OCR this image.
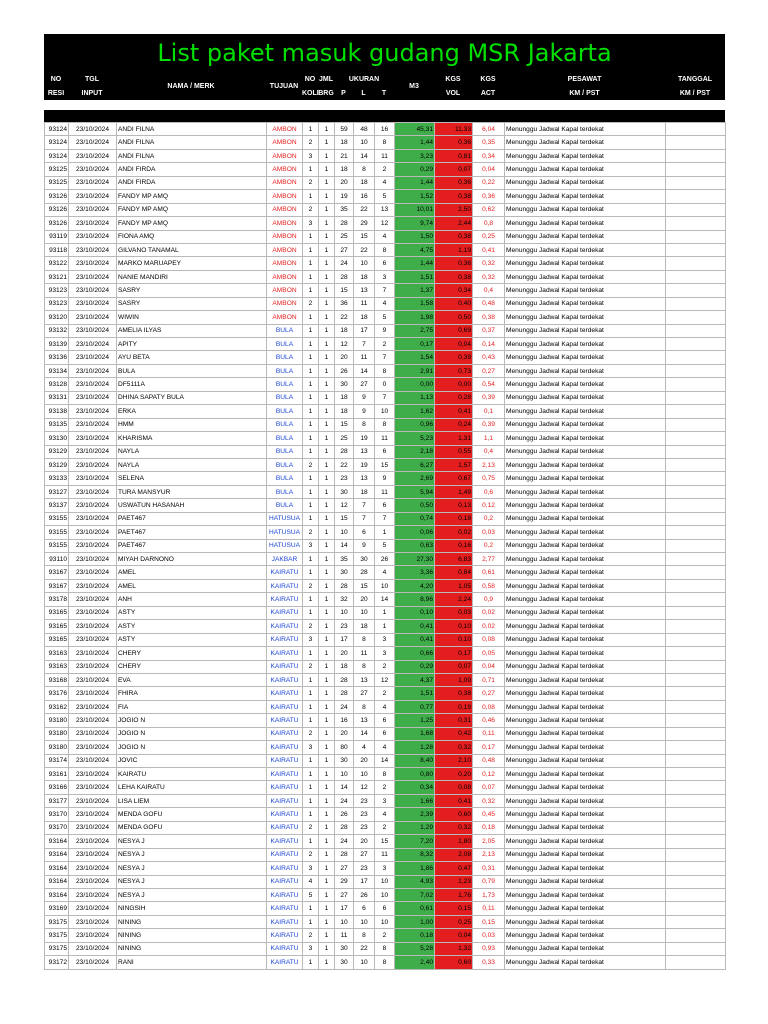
List paket masuk gudang MSR Jakarta
NO	TGL	NAMA / MERK	TUJUAN	NO	JML	UKURAN			M3	KGS	KGS	PESAWAT	TANGGAL
RESI	INPUT			KOLI	BRG	P	L	T		VOL	ACT	KM / PST	KM / PST
93124	23/10/2024	ANDI FILNA	AMBON	1	1	59	48	16	45,31	11,33	6,04	Menunggu Jadwal Kapal terdekat	
93124	23/10/2024	ANDI FILNA	AMBON	2	1	18	10	8	1,44	0,36	0,35	Menunggu Jadwal Kapal terdekat	
93124	23/10/2024	ANDI FILNA	AMBON	3	1	21	14	11	3,23	0,81	0,34	Menunggu Jadwal Kapal terdekat	
93125	23/10/2024	ANDI FIRDA	AMBON	1	1	18	8	2	0,29	0,07	0,04	Menunggu Jadwal Kapal terdekat	
93125	23/10/2024	ANDI FIRDA	AMBON	2	1	20	18	4	1,44	0,36	0,22	Menunggu Jadwal Kapal terdekat	
93126	23/10/2024	FANDY MP AMQ	AMBON	1	1	19	16	5	1,52	0,38	0,36	Menunggu Jadwal Kapal terdekat	
93126	23/10/2024	FANDY MP AMQ	AMBON	2	1	35	22	13	10,01	2,50	0,62	Menunggu Jadwal Kapal terdekat	
93126	23/10/2024	FANDY MP AMQ	AMBON	3	1	28	29	12	9,74	2,44	0,8	Menunggu Jadwal Kapal terdekat	
93119	23/10/2024	FIONA AMQ	AMBON	1	1	25	15	4	1,50	0,38	0,25	Menunggu Jadwal Kapal terdekat	
93118	23/10/2024	GILVANO TANAMAL	AMBON	1	1	27	22	8	4,75	1,19	0,41	Menunggu Jadwal Kapal terdekat	
93122	23/10/2024	MARKO MARUAPEY	AMBON	1	1	24	10	6	1,44	0,36	0,32	Menunggu Jadwal Kapal terdekat	
93121	23/10/2024	NANIE MANDIRI	AMBON	1	1	28	18	3	1,51	0,38	0,32	Menunggu Jadwal Kapal terdekat	
93123	23/10/2024	SASRY	AMBON	1	1	15	13	7	1,37	0,34	0,4	Menunggu Jadwal Kapal terdekat	
93123	23/10/2024	SASRY	AMBON	2	1	36	11	4	1,58	0,40	0,48	Menunggu Jadwal Kapal terdekat	
93120	23/10/2024	WIWIN	AMBON	1	1	22	18	5	1,98	0,50	0,38	Menunggu Jadwal Kapal terdekat	
93132	23/10/2024	AMELIA ILYAS	BULA	1	1	18	17	9	2,75	0,69	0,37	Menunggu Jadwal Kapal terdekat	
93139	23/10/2024	APITY	BULA	1	1	12	7	2	0,17	0,04	0,14	Menunggu Jadwal Kapal terdekat	
93136	23/10/2024	AYU BETA	BULA	1	1	20	11	7	1,54	0,39	0,43	Menunggu Jadwal Kapal terdekat	
93134	23/10/2024	BULA	BULA	1	1	26	14	8	2,91	0,73	0,27	Menunggu Jadwal Kapal terdekat	
93128	23/10/2024	DF5111A	BULA	1	1	30	27	0	0,00	0,00	0,54	Menunggu Jadwal Kapal terdekat	
93131	23/10/2024	DHINA SAPATY BULA	BULA	1	1	18	9	7	1,13	0,28	0,39	Menunggu Jadwal Kapal terdekat	
93138	23/10/2024	ERKA	BULA	1	1	18	9	10	1,62	0,41	0,1	Menunggu Jadwal Kapal terdekat	
93135	23/10/2024	HMM	BULA	1	1	15	8	8	0,96	0,24	0,39	Menunggu Jadwal Kapal terdekat	
93130	23/10/2024	KHARISMA	BULA	1	1	25	19	11	5,23	1,31	1,1	Menunggu Jadwal Kapal terdekat	
93129	23/10/2024	NAYLA	BULA	1	1	28	13	6	2,18	0,55	0,4	Menunggu Jadwal Kapal terdekat	
93129	23/10/2024	NAYLA	BULA	2	1	22	19	15	6,27	1,57	2,13	Menunggu Jadwal Kapal terdekat	
93133	23/10/2024	SELENA	BULA	1	1	23	13	9	2,69	0,67	0,75	Menunggu Jadwal Kapal terdekat	
93127	23/10/2024	TURA MANSYUR	BULA	1	1	30	18	11	5,94	1,49	0,6	Menunggu Jadwal Kapal terdekat	
93137	23/10/2024	USWATUN HASANAH	BULA	1	1	12	7	6	0,50	0,13	0,12	Menunggu Jadwal Kapal terdekat	
93155	23/10/2024	PAET467	HATUSUA	1	1	15	7	7	0,74	0,18	0,2	Menunggu Jadwal Kapal terdekat	
93155	23/10/2024	PAET467	HATUSUA	2	1	10	6	1	0,06	0,02	0,03	Menunggu Jadwal Kapal terdekat	
93155	23/10/2024	PAET467	HATUSUA	3	1	14	9	5	0,63	0,16	0,2	Menunggu Jadwal Kapal terdekat	
93110	23/10/2024	MIYAH DARNONO	JAKBAR	1	1	35	30	26	27,30	6,83	2,77	Menunggu Jadwal Kapal terdekat	
93167	23/10/2024	AMEL	KAIRATU	1	1	30	28	4	3,36	0,84	0,61	Menunggu Jadwal Kapal terdekat	
93167	23/10/2024	AMEL	KAIRATU	2	1	28	15	10	4,20	1,05	0,58	Menunggu Jadwal Kapal terdekat	
93178	23/10/2024	ANH	KAIRATU	1	1	32	20	14	8,96	2,24	0,9	Menunggu Jadwal Kapal terdekat	
93165	23/10/2024	ASTY	KAIRATU	1	1	10	10	1	0,10	0,03	0,02	Menunggu Jadwal Kapal terdekat	
93165	23/10/2024	ASTY	KAIRATU	2	1	23	18	1	0,41	0,10	0,02	Menunggu Jadwal Kapal terdekat	
93165	23/10/2024	ASTY	KAIRATU	3	1	17	8	3	0,41	0,10	0,08	Menunggu Jadwal Kapal terdekat	
93163	23/10/2024	CHERY	KAIRATU	1	1	20	11	3	0,66	0,17	0,05	Menunggu Jadwal Kapal terdekat	
93163	23/10/2024	CHERY	KAIRATU	2	1	18	8	2	0,29	0,07	0,04	Menunggu Jadwal Kapal terdekat	
93168	23/10/2024	EVA	KAIRATU	1	1	28	13	12	4,37	1,09	0,71	Menunggu Jadwal Kapal terdekat	
93176	23/10/2024	FHIRA	KAIRATU	1	1	28	27	2	1,51	0,38	0,27	Menunggu Jadwal Kapal terdekat	
93162	23/10/2024	FIA	KAIRATU	1	1	24	8	4	0,77	0,19	0,08	Menunggu Jadwal Kapal terdekat	
93180	23/10/2024	JOGIO N	KAIRATU	1	1	16	13	6	1,25	0,31	0,46	Menunggu Jadwal Kapal terdekat	
93180	23/10/2024	JOGIO N	KAIRATU	2	1	20	14	6	1,68	0,42	0,11	Menunggu Jadwal Kapal terdekat	
93180	23/10/2024	JOGIO N	KAIRATU	3	1	80	4	4	1,28	0,32	0,17	Menunggu Jadwal Kapal terdekat	
93174	23/10/2024	JOVIC	KAIRATU	1	1	30	20	14	8,40	2,10	0,48	Menunggu Jadwal Kapal terdekat	
93161	23/10/2024	KAIRATU	KAIRATU	1	1	10	10	8	0,80	0,20	0,12	Menunggu Jadwal Kapal terdekat	
93166	23/10/2024	LEHA KAIRATU	KAIRATU	1	1	14	12	2	0,34	0,08	0,07	Menunggu Jadwal Kapal terdekat	
93177	23/10/2024	LISA LIEM	KAIRATU	1	1	24	23	3	1,66	0,41	0,32	Menunggu Jadwal Kapal terdekat	
93170	23/10/2024	MENDA GOFU	KAIRATU	1	1	26	23	4	2,39	0,60	0,45	Menunggu Jadwal Kapal terdekat	
93170	23/10/2024	MENDA GOFU	KAIRATU	2	1	28	23	2	1,29	0,32	0,18	Menunggu Jadwal Kapal terdekat	
93164	23/10/2024	NESYA J	KAIRATU	1	1	24	20	15	7,20	1,80	2,05	Menunggu Jadwal Kapal terdekat	
93164	23/10/2024	NESYA J	KAIRATU	2	1	28	27	11	8,32	2,08	2,13	Menunggu Jadwal Kapal terdekat	
93164	23/10/2024	NESYA J	KAIRATU	3	1	27	23	3	1,86	0,47	0,31	Menunggu Jadwal Kapal terdekat	
93164	23/10/2024	NESYA J	KAIRATU	4	1	29	17	10	4,93	1,23	0,79	Menunggu Jadwal Kapal terdekat	
93164	23/10/2024	NESYA J	KAIRATU	5	1	27	26	10	7,02	1,76	1,73	Menunggu Jadwal Kapal terdekat	
93169	23/10/2024	NINGSIH	KAIRATU	1	1	17	6	6	0,61	0,15	0,11	Menunggu Jadwal Kapal terdekat	
93175	23/10/2024	NINING	KAIRATU	1	1	10	10	10	1,00	0,25	0,15	Menunggu Jadwal Kapal terdekat	
93175	23/10/2024	NINING	KAIRATU	2	1	11	8	2	0,18	0,04	0,03	Menunggu Jadwal Kapal terdekat	
93175	23/10/2024	NINING	KAIRATU	3	1	30	22	8	5,28	1,32	0,93	Menunggu Jadwal Kapal terdekat	
93172	23/10/2024	RANI	KAIRATU	1	1	30	10	8	2,40	0,60	0,33	Menunggu Jadwal Kapal terdekat	
